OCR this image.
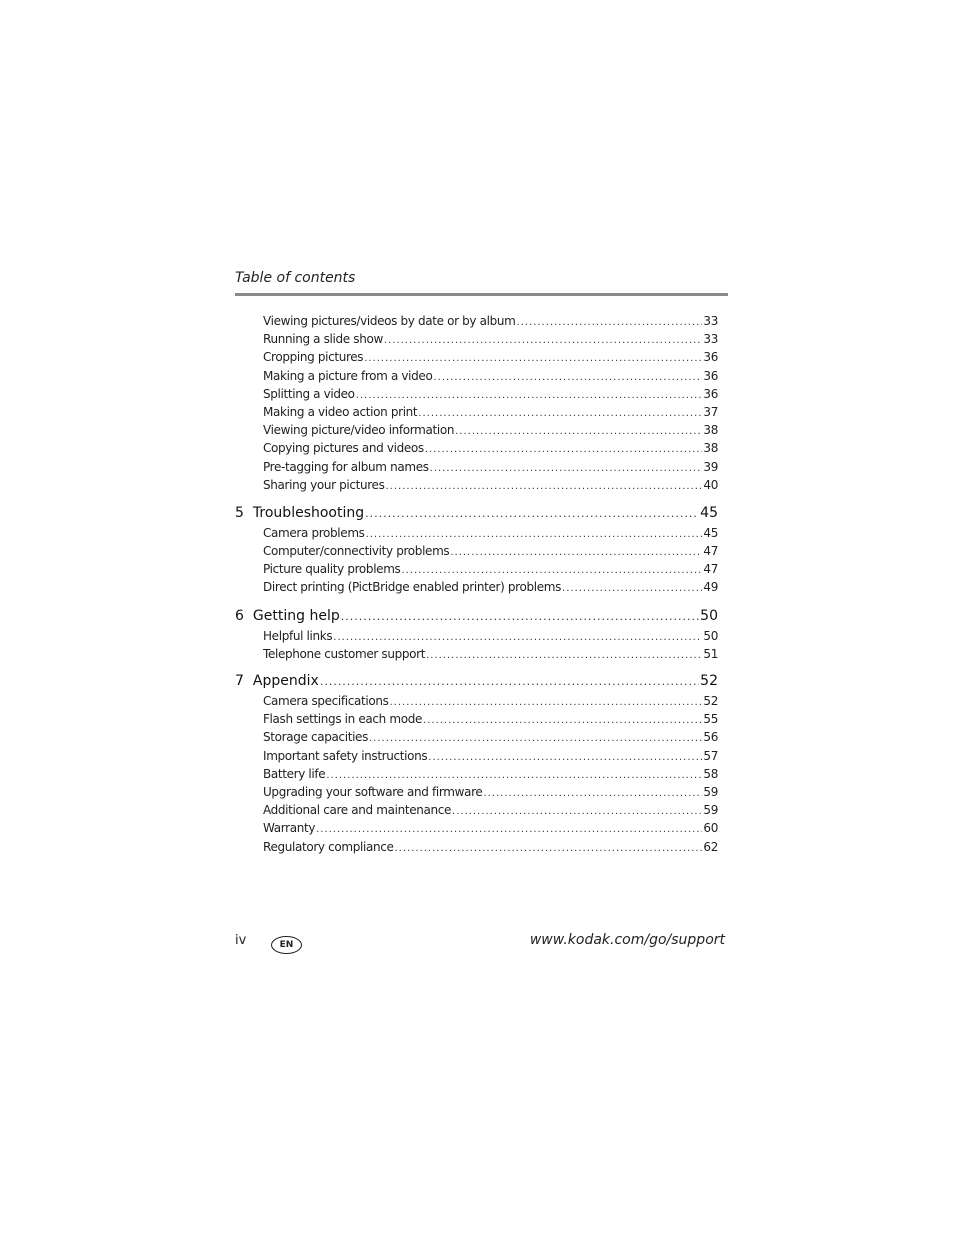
Table of contents
Viewing pictures/videos by date or by album .....	33
Running a slide show .....	33
Cropping pictures .....	36
Making a picture from a video .....	36
Splitting a video .....	36
Making a video action print .....	37
Viewing picture/video information .....	38
Copying pictures and videos .....	38
Pre-tagging for album names .....	39
Sharing your pictures .....	40
5 Troubleshooting .....	45
Camera problems .....	45
Computer/connectivity problems .....	47
Picture quality problems .....	47
Direct printing (PictBridge enabled printer) problems .....	49
6 Getting help .....	50
Helpful links .....	50
Telephone customer support .....	51
7 Appendix .....	52
Camera specifications .....	52
Flash settings in each mode .....	55
Storage capacities .....	56
Important safety instructions .....	57
Battery life .....	58
Upgrading your software and firmware .....	59
Additional care and maintenance .....	59
Warranty .....	60
Regulatory compliance .....	62
iv	EN	www.kodak.com/go/support
